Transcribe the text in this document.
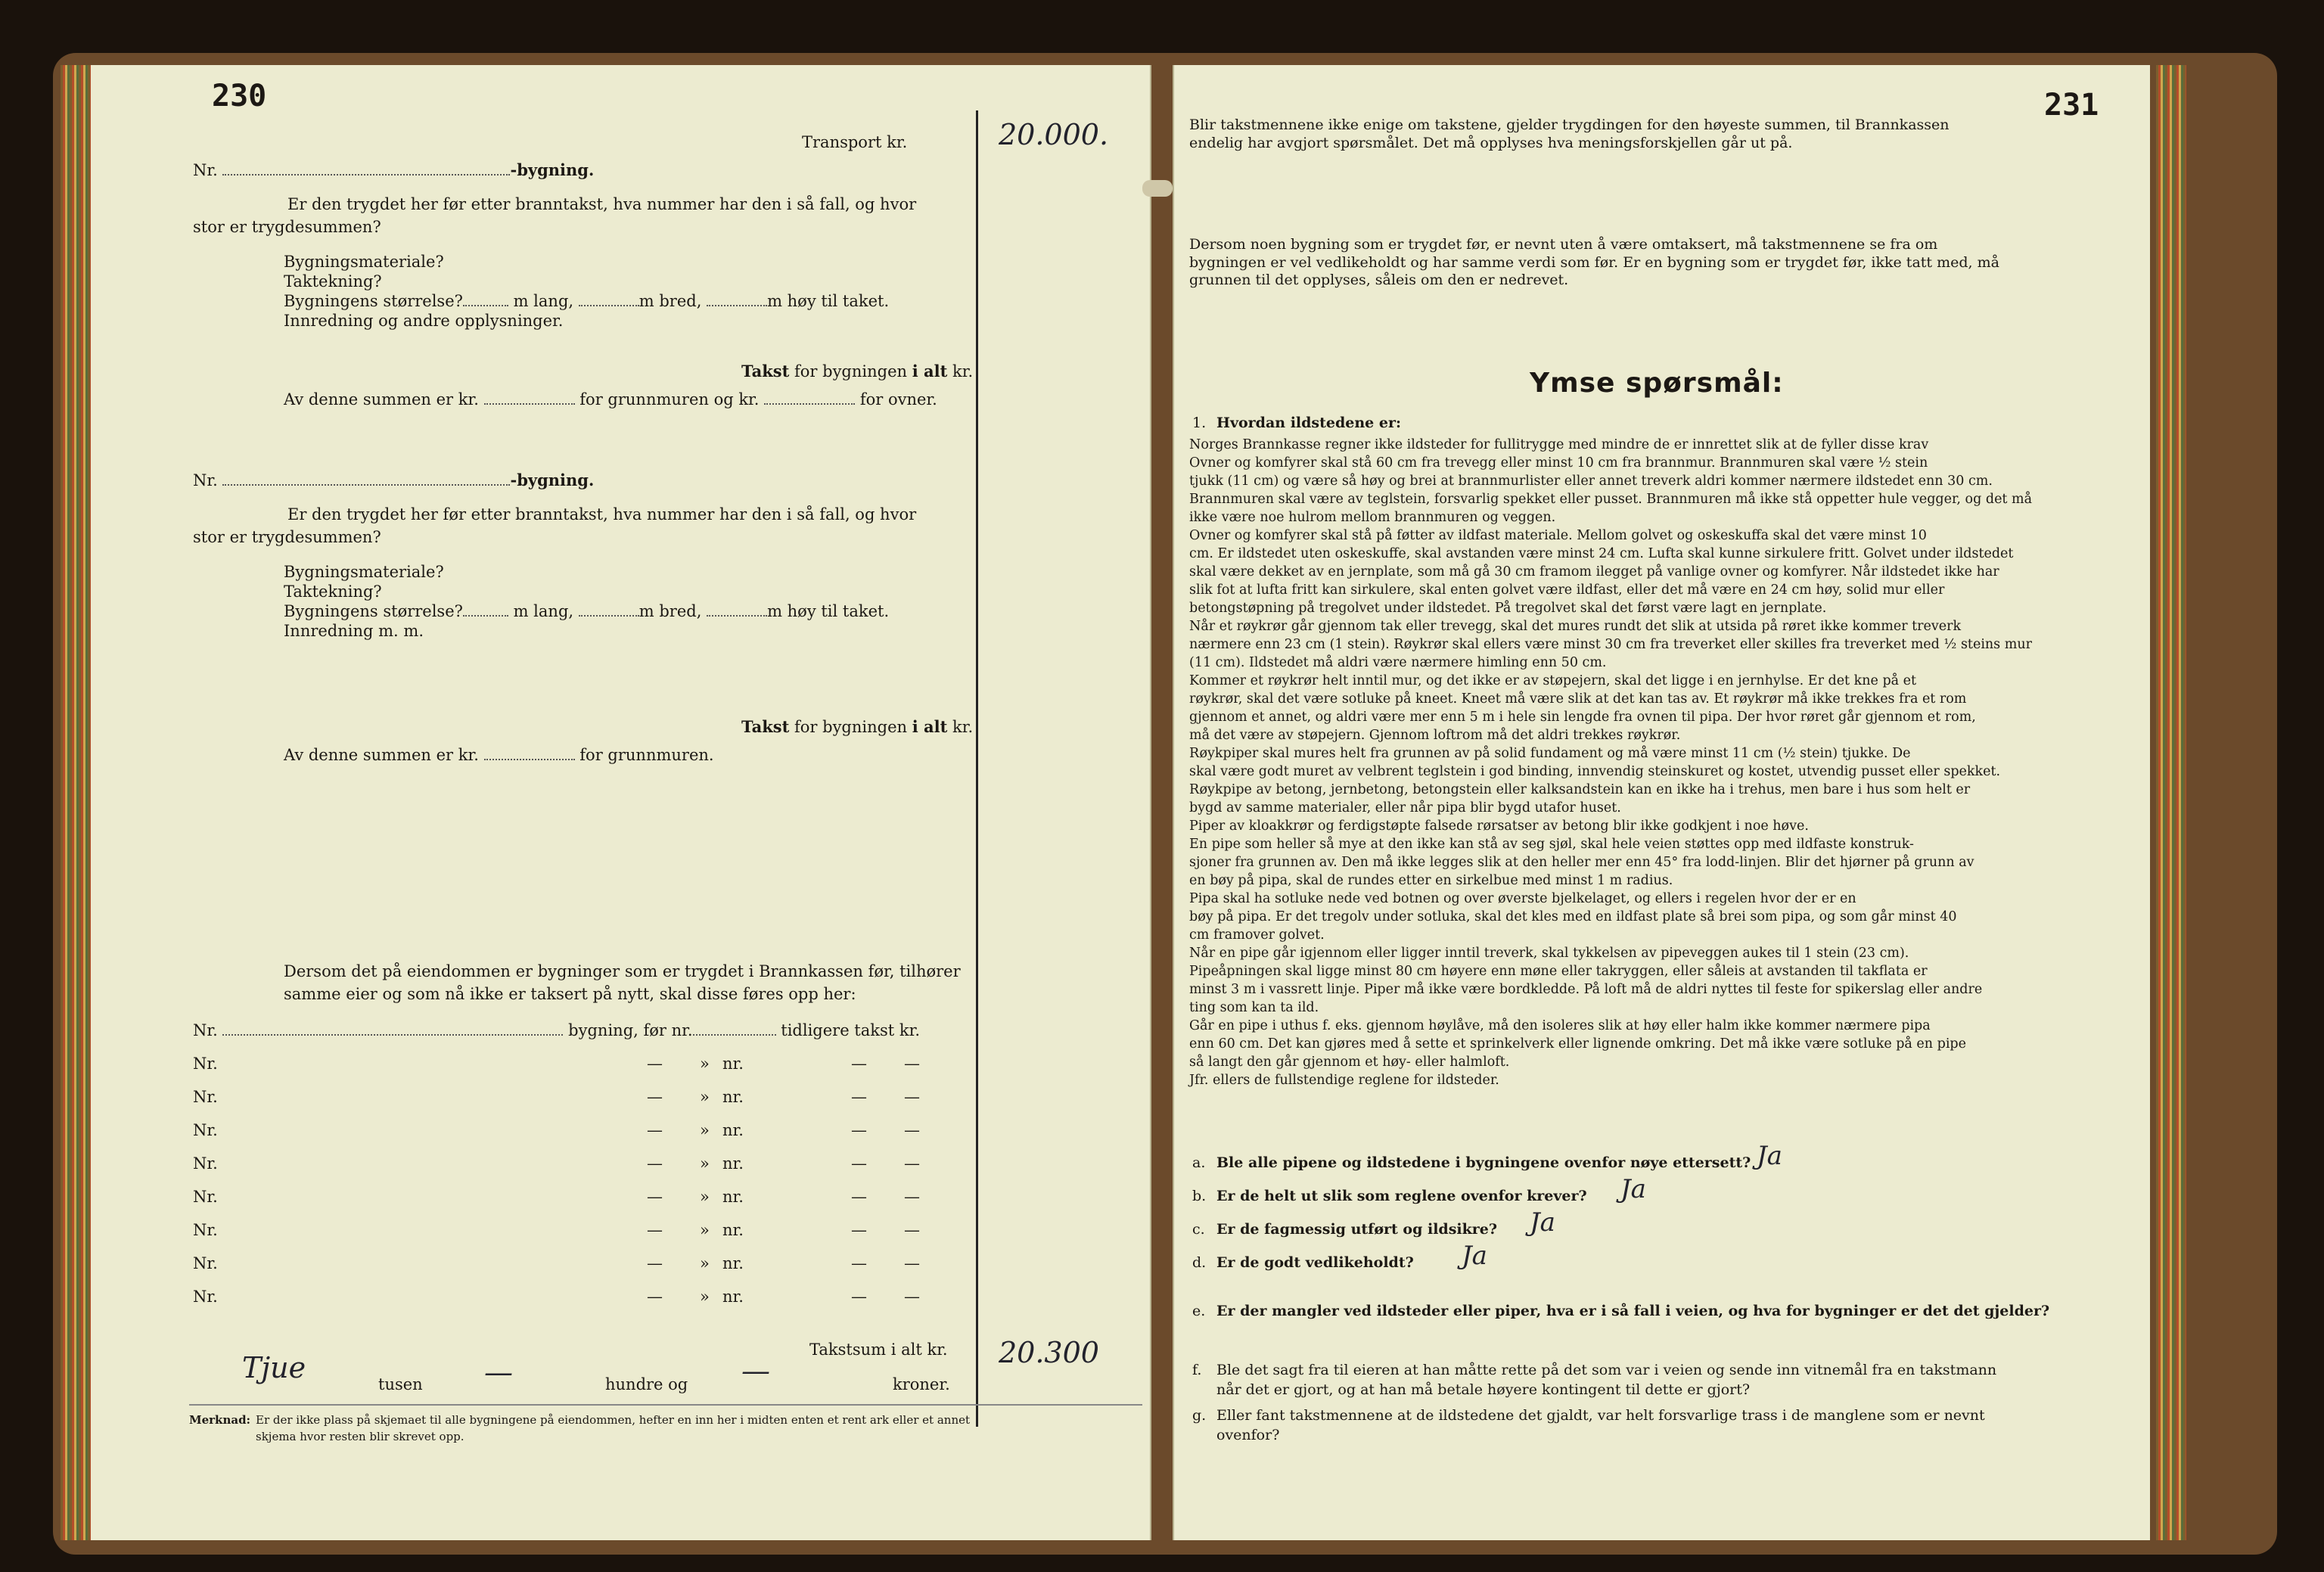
230
Transport kr.	20.000.
Nr.	-bygning.
Er den trygdet her før etter branntakst, hva nummer har den i så fall, og hvor
stor er trygdesummen?
Bygningsmateriale?
Taktekning?
Bygningens størrelse?	m lang,	m bred,	m høy til taket.
Innredning og andre opplysninger.
Takst for bygningen i alt kr.
Av denne summen er kr.	for grunnmuren og kr.	for ovner.
Nr.	-bygning.
Er den trygdet her før etter branntakst, hva nummer har den i så fall, og hvor
stor er trygdesummen?
Bygningsmateriale?
Taktekning?
Bygningens størrelse?	m lang,	m bred,	m høy til taket.
Innredning m. m.
Takst for bygningen i alt kr.
Av denne summen er kr.	for grunnmuren.
Dersom det på eiendommen er bygninger som er trygdet i Brannkassen før, tilhører
samme eier og som nå ikke er taksert på nytt, skal disse føres opp her:
Nr.	bygning, før nr.	tidligere takst kr.
Nr.	— » nr.	— —
Nr.	— » nr.	— —
Nr.	— » nr.	— —
Nr.	— » nr.	— —
Nr.	— » nr.	— —
Nr.	— » nr.	— —
Nr.	— » nr.	— —
Nr.	— » nr.	— —
Takstsum i alt kr. 20.300
Tjue	tusen —	hundre og —	kroner.
Merknad: Er der ikke plass på skjemaet til alle bygningene på eiendommen, hefter en inn her i midten enten et rent ark eller et annet
skjema hvor resten blir skrevet opp.
231

Blir takstmennene ikke enige om takstene, gjelder trygdingen for den høyeste summen, til Brannkassen

endelig har avgjort spørsmålet. Det må opplyses hva meningsforskjellen går ut på.

Dersom noen bygning som er trygdet før, er nevnt uten å være omtaksert, må takstmennene se fra om

bygningen er vel vedlikeholdt og har samme verdi som før. Er en bygning som er trygdet før, ikke tatt med, må

grunnen til det opplyses, såleis om den er nedrevet.

Ymse spørsmål:
1. Hvordan ildstedene er:

Norges Brannkasse regner ikke ildsteder for fullitrygge med mindre de er innrettet slik at de fyller disse krav

Ovner og komfyrer skal stå 60 cm fra trevegg eller minst 10 cm fra brannmur. Brannmuren skal være ½ stein

tjukk (11 cm) og være så høy og brei at brannmurlister eller annet treverk aldri kommer nærmere ildstedet enn 30 cm.

Brannmuren skal være av teglstein, forsvarlig spekket eller pusset. Brannmuren må ikke stå oppetter hule vegger, og det må

ikke være noe hulrom mellom brannmuren og veggen.

Ovner og komfyrer skal stå på føtter av ildfast materiale. Mellom golvet og oskeskuffa skal det være minst 10

cm. Er ildstedet uten oskeskuffe, skal avstanden være minst 24 cm. Lufta skal kunne sirkulere fritt. Golvet under ildstedet

skal være dekket av en jernplate, som må gå 30 cm framom ilegget på vanlige ovner og komfyrer. Når ildstedet ikke har

slik fot at lufta fritt kan sirkulere, skal enten golvet være ildfast, eller det må være en 24 cm høy, solid mur eller

betongstøpning på tregolvet under ildstedet. På tregolvet skal det først være lagt en jernplate.

Når et røykrør går gjennom tak eller trevegg, skal det mures rundt det slik at utsida på røret ikke kommer treverk

nærmere enn 23 cm (1 stein). Røykrør skal ellers være minst 30 cm fra treverket eller skilles fra treverket med ½ steins mur

(11 cm). Ildstedet må aldri være nærmere himling enn 50 cm.

Kommer et røykrør helt inntil mur, og det ikke er av støpejern, skal det ligge i en jernhylse. Er det kne på et

røykrør, skal det være sotluke på kneet. Kneet må være slik at det kan tas av. Et røykrør må ikke trekkes fra et rom

gjennom et annet, og aldri være mer enn 5 m i hele sin lengde fra ovnen til pipa. Der hvor røret går gjennom et rom,

må det være av støpejern. Gjennom loftrom må det aldri trekkes røykrør.

Røykpiper skal mures helt fra grunnen av på solid fundament og må være minst 11 cm (½ stein) tjukke. De

skal være godt muret av velbrent teglstein i god binding, innvendig steinskuret og kostet, utvendig pusset eller spekket.

Røykpipe av betong, jernbetong, betongstein eller kalksandstein kan en ikke ha i trehus, men bare i hus som helt er

bygd av samme materialer, eller når pipa blir bygd utafor huset.

Piper av kloakkrør og ferdigstøpte falsede rørsatser av betong blir ikke godkjent i noe høve.

En pipe som heller så mye at den ikke kan stå av seg sjøl, skal hele veien støttes opp med ildfaste konstruk-

sjoner fra grunnen av. Den må ikke legges slik at den heller mer enn 45° fra lodd-linjen. Blir det hjørner på grunn av

en bøy på pipa, skal de rundes etter en sirkelbue med minst 1 m radius.

Pipa skal ha sotluke nede ved botnen og over øverste bjelkelaget, og ellers i regelen hvor der er en

bøy på pipa. Er det tregolv under sotluka, skal det kles med en ildfast plate så brei som pipa, og som går minst 40

cm framover golvet.

Når en pipe går igjennom eller ligger inntil treverk, skal tykkelsen av pipeveggen aukes til 1 stein (23 cm).

Pipeåpningen skal ligge minst 80 cm høyere enn møne eller takryggen, eller såleis at avstanden til takflata er

minst 3 m i vassrett linje. Piper må ikke være bordkledde. På loft må de aldri nyttes til feste for spikerslag eller andre

ting som kan ta ild.

Går en pipe i uthus f. eks. gjennom høylåve, må den isoleres slik at høy eller halm ikke kommer nærmere pipa

enn 60 cm. Det kan gjøres med å sette et sprinkelverk eller lignende omkring. Det må ikke være sotluke på en pipe

så langt den går gjennom et høy- eller halmloft.

Jfr. ellers de fullstendige reglene for ildsteder.

f. Ble det sagt fra til eieren at han måtte rette på det som var i veien og sende inn vitnemål fra en takstmann
når det er gjort, og at han må betale høyere kontingent til dette er gjort?
g. Eller fant takstmennene at de ildstedene det gjaldt, var helt forsvarlige trass i de manglene som er nevnt
ovenfor?
a. Ble alle pipene og ildstedene i bygningene ovenfor nøye ettersett? Ja
b. Er de helt ut slik som reglene ovenfor krever? Ja
c. Er de fagmessig utført og ildsikre? Ja
d. Er de godt vedlikeholdt? Ja
e. Er der mangler ved ildsteder eller piper, hva er i så fall i veien, og hva for bygninger er det det gjelder?
